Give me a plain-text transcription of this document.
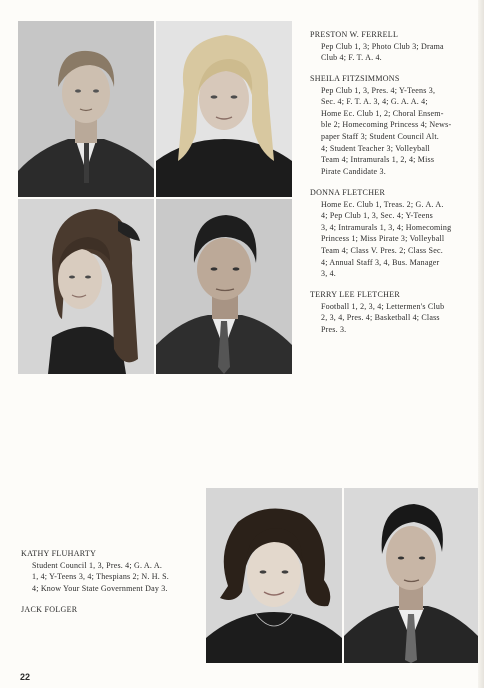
PRESTON W. FERRELL

Pep Club 1, 3; Photo Club 3; Drama

Club 4; F. T. A. 4.

SHEILA FITZSIMMONS

Pep Club 1, 3, Pres. 4; Y-Teens 3,

Sec. 4; F. T. A. 3, 4; G. A. A. 4;

Home Ec. Club 1, 2; Choral Ensem-

ble 2; Homecoming Princess 4; News-

paper Staff 3; Student Council Alt.

4; Student Teacher 3; Volleyball

Team 4; Intramurals 1, 2, 4; Miss

Pirate Candidate 3.

DONNA FLETCHER

Home Ec. Club 1, Treas. 2; G. A. A.

4; Pep Club 1, 3, Sec. 4; Y-Teens

3, 4; Intramurals 1, 3, 4; Homecoming

Princess 1; Miss Pirate 3; Volleyball

Team 4; Class V. Pres. 2; Class Sec.

4; Annual Staff 3, 4, Bus. Manager

3, 4.

TERRY LEE FLETCHER

Football 1, 2, 3, 4; Lettermen's Club

2, 3, 4, Pres. 4; Basketball 4; Class

Pres. 3.

KATHY FLUHARTY

Student Council 1, 3, Pres. 4; G. A. A.

1, 4; Y-Teens 3, 4; Thespians 2; N. H. S.

4; Know Your State Government Day 3.

JACK FOLGER

22
